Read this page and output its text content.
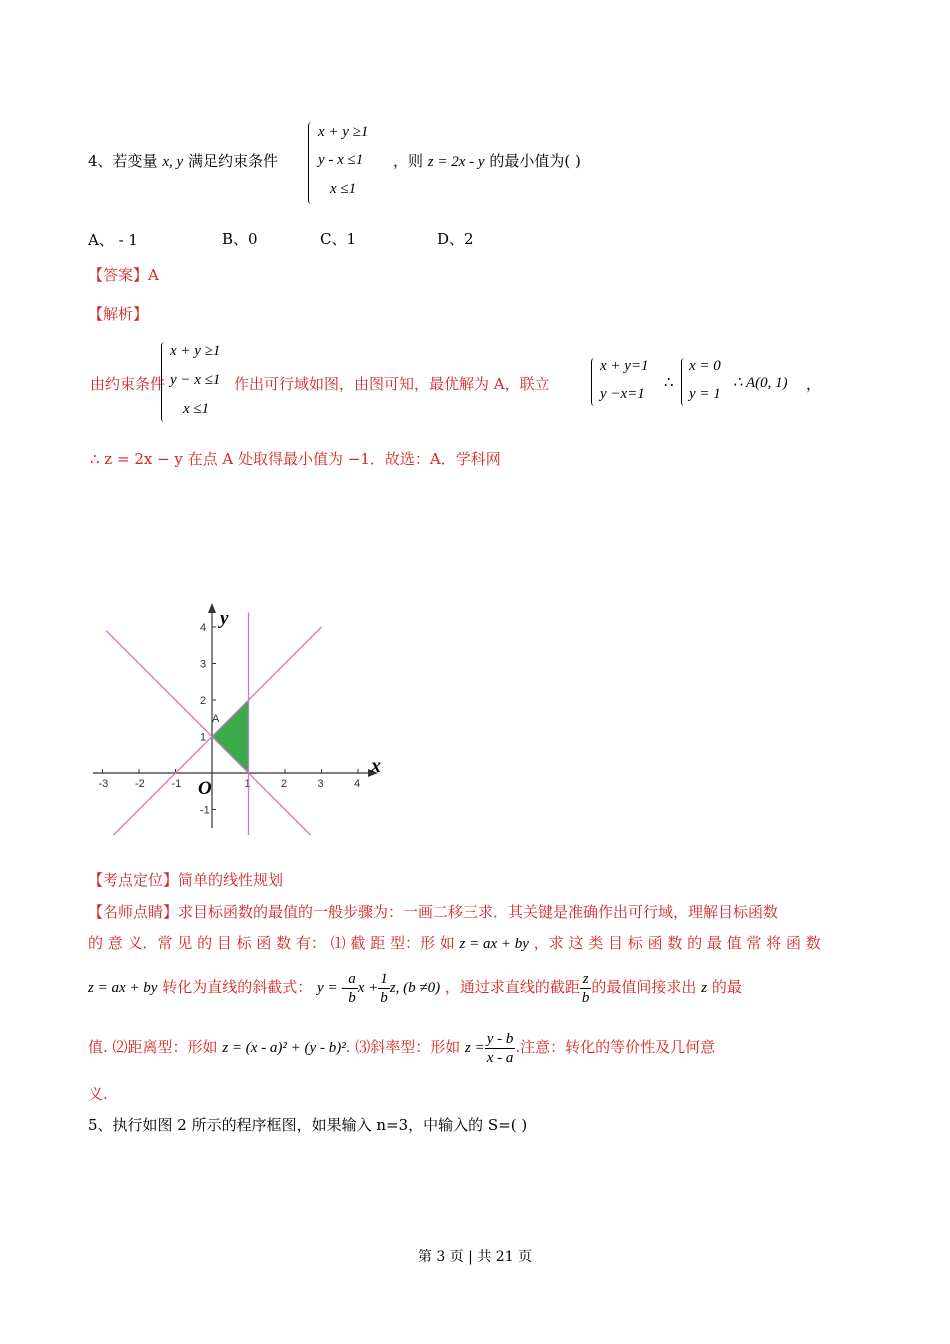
4、若变量 x, y 满足约束条件
x + y ≥1
y - x ≤1
x ≤1
，则 z = 2x - y 的最小值为( )
A、 - 1	B、0	C、1	D、2
【答案】A
【解析】
由约束条件
x + y ≥1
y − x ≤1
x ≤1
作出可行域如图，由图可知，最优解为 A，联立
x + y=1
y −x=1
∴
x = 0
y = 1
∴ A(0, 1) ，
∴ z = 2x − y 在点 A 处取得最小值为 −1．故选：A．学科网
-3 -2 -1	1	2	3	4
4
3
2
1
-1
x
y
O
A
【考点定位】简单的线性规划
【名师点睛】求目标函数的最值的一般步骤为：一画二移三求．其关键是准确作出可行域，理解目标函数
的 意 义．常 见 的 目 标 函 数 有： ⑴ 截 距 型：形 如 z = ax + by ，求 这 类 目 标 函 数 的 最 值 常 将 函 数
z = ax + by 转化为直线的斜截式： y = - $\frac{a}{b}$ $x + \frac{1}{b} z$, (b ≠0) ，通过求直线的截距 $\frac{z}{b}$ 的最值间接求出 z 的最
值. ⑵距离型：形如 z = (x - a)² + (y - b)². ⑶斜率型：形如 $z = \frac{y - b}{x - a}$ .注意：转化的等价性及几何意
义.
5、执行如图 2 所示的程序框图，如果输入 n=3，中输入的 S=( )
第 3 页 | 共 21 页
